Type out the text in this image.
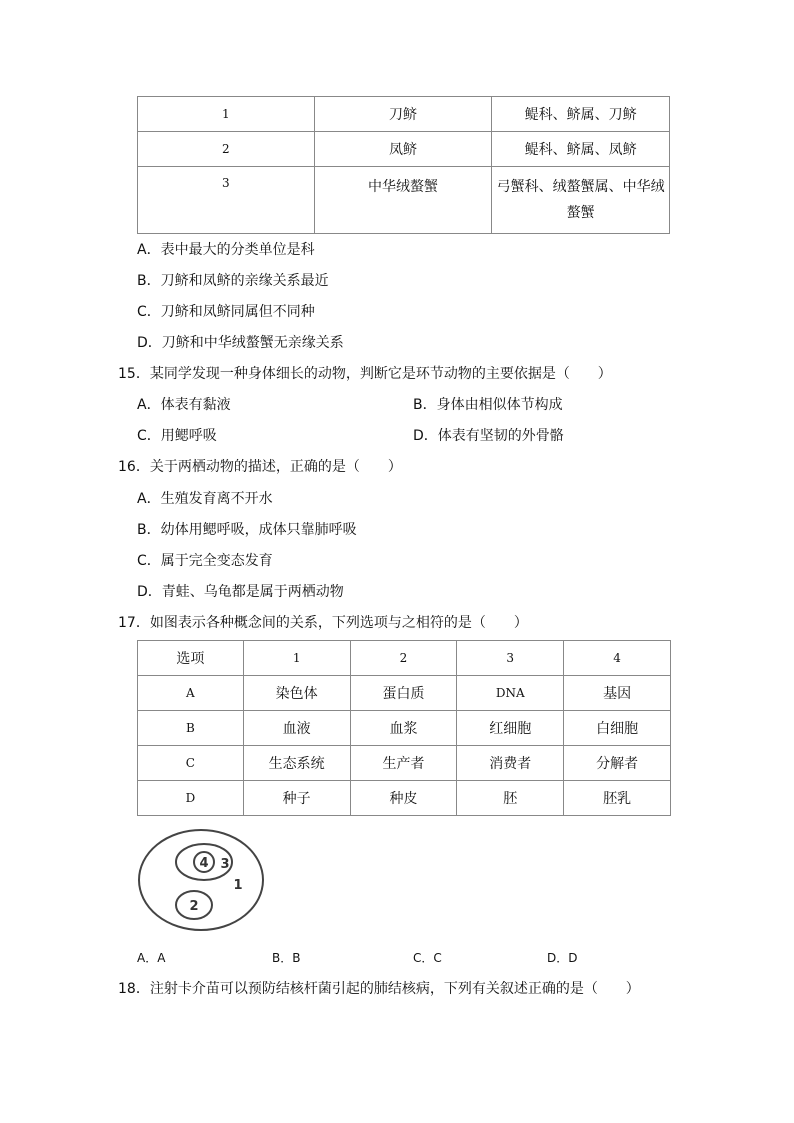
1	刀鲚	鳀科、鲚属、刀鲚
2	凤鲚	鳀科、鲚属、凤鲚
3	中华绒螯蟹	弓蟹科、绒螯蟹属、中华绒
螯蟹
A．表中最大的分类单位是科
B．刀鲚和凤鲚的亲缘关系最近
C．刀鲚和凤鲚同属但不同种
D．刀鲚和中华绒螯蟹无亲缘关系
15．某同学发现一种身体细长的动物，判断它是环节动物的主要依据是（　　）
A．体表有黏液	B．身体由相似体节构成
C．用鳃呼吸	D．体表有坚韧的外骨骼
16．关于两栖动物的描述，正确的是（　　）
A．生殖发育离不开水
B．幼体用鳃呼吸，成体只靠肺呼吸
C．属于完全变态发育
D．青蛙、乌龟都是属于两栖动物
17．如图表示各种概念间的关系，下列选项与之相符的是（　　）
选项	1	2	3	4
A	染色体	蛋白质	DNA	基因
B	血液	血浆	红细胞	白细胞
C	生态系统	生产者	消费者	分解者
D	种子	种皮	胚	胚乳
4 3
1
2
A．A	B．B	C．C	D．D
18．注射卡介苗可以预防结核杆菌引起的肺结核病，下列有关叙述正确的是（　　）
